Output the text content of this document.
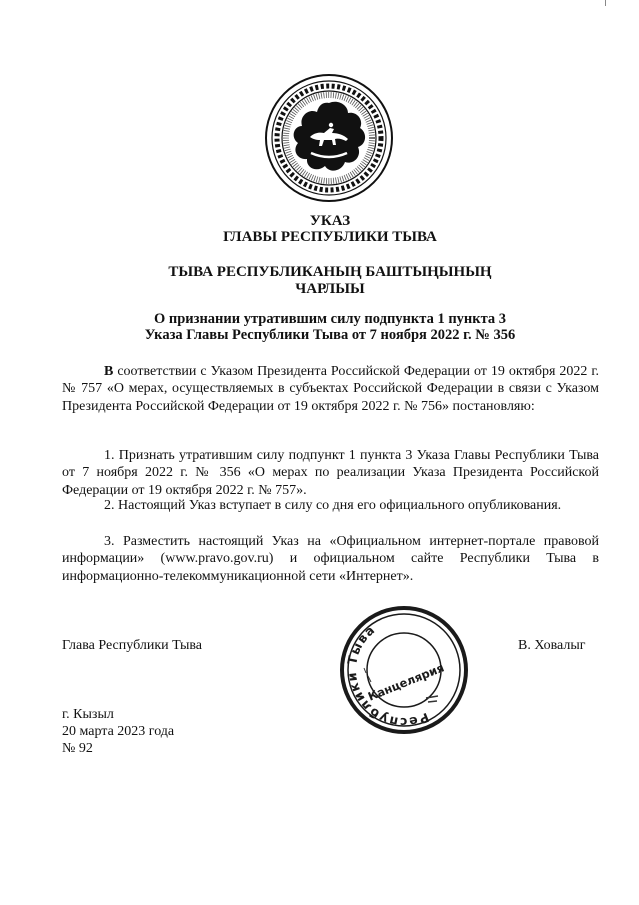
УКАЗ
ГЛАВЫ РЕСПУБЛИКИ ТЫВА
ТЫВА РЕСПУБЛИКАНЫҢ БАШТЫҢЫНЫҢ
ЧАРЛЫЫ
О признании утратившим силу подпункта 1 пункта 3
Указа Главы Республики Тыва от 7 ноября 2022 г. № 356
В соответствии с Указом Президента Российской Федерации от 19 октября 2022 г. № 757 «О мерах, осуществляемых в субъектах Российской Федерации в связи с Указом Президента Российской Федерации от 19 октября 2022 г. № 756» постановляю:
1. Признать утратившим силу подпункт 1 пункта 3 Указа Главы Республики Тыва от 7 ноября 2022 г. № 356 «О мерах по реализации Указа Президента Российской Федерации от 19 октября 2022 г. № 757».
2. Настоящий Указ вступает в силу со дня его официального опубликования.
3. Разместить настоящий Указ на «Официальном интернет-портале правовой информации» (www.pravo.gov.ru) и официальном сайте Республики Тыва в информационно-телекоммуникационной сети «Интернет».
Глава Республики Тыва	В. Ховалыг
Республики Тыва
Канцелярия
г. Кызыл
20 марта 2023 года
№ 92
